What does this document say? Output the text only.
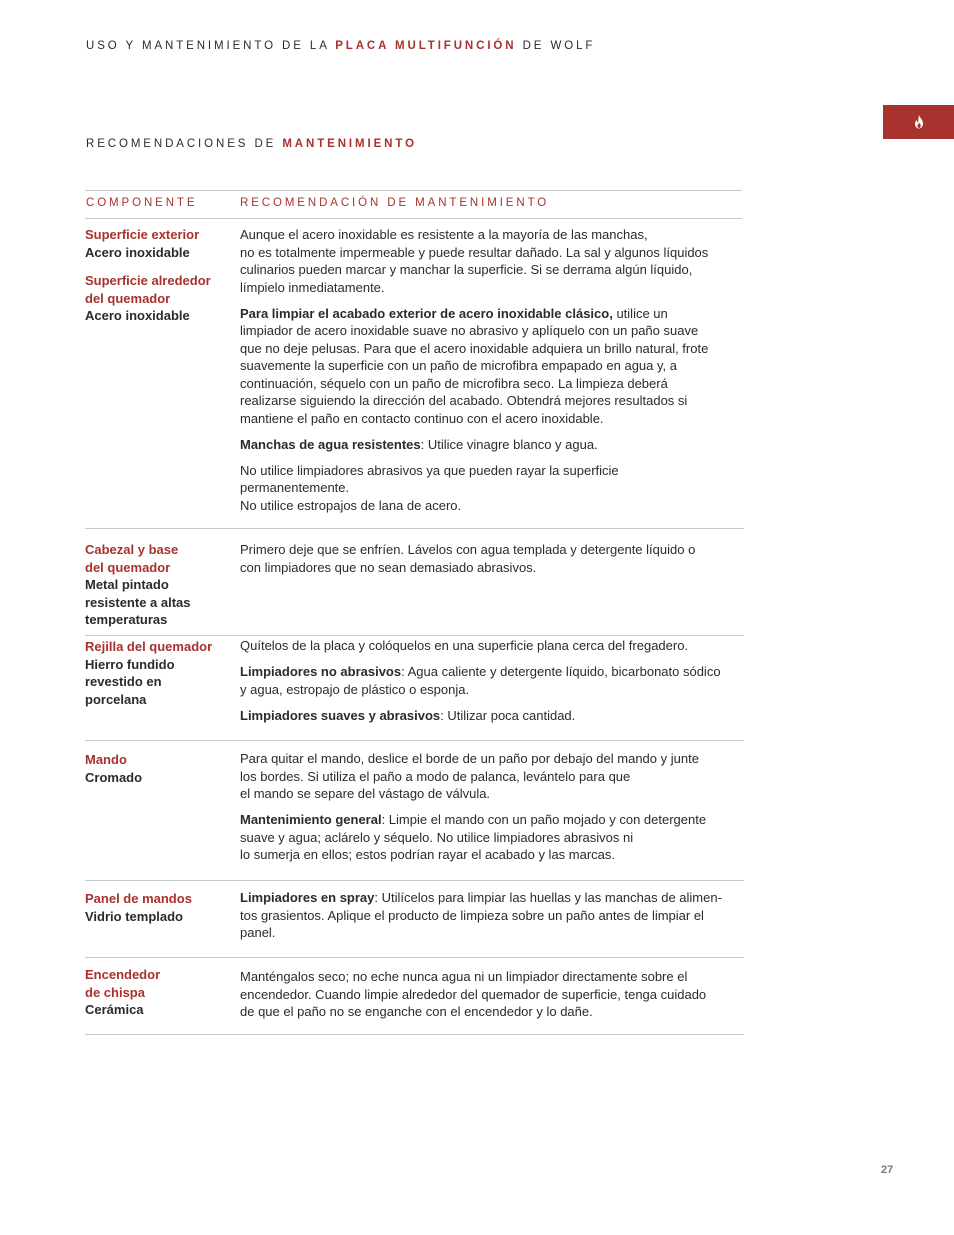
USO Y MANTENIMIENTO DE LA PLACA MULTIFUNCIÓN DE WOLF
RECOMENDACIONES DE MANTENIMIENTO
COMPONENTE	RECOMENDACIÓN DE MANTENIMIENTO
Superficie exterior
Acero inoxidable
Superficie alrededor
del quemador
Acero inoxidable

Aunque el acero inoxidable es resistente a la mayoría de las manchas,
no es totalmente impermeable y puede resultar dañado. La sal y algunos líquidos
culinarios pueden marcar y manchar la superficie. Si se derrama algún líquido,
límpielo inmediatamente.

Para limpiar el acabado exterior de acero inoxidable clásico, utilice un
limpiador de acero inoxidable suave no abrasivo y aplíquelo con un paño suave
que no deje pelusas. Para que el acero inoxidable adquiera un brillo natural, frote
suavemente la superficie con un paño de microfibra empapado en agua y, a
continuación, séquelo con un paño de microfibra seco. La limpieza deberá
realizarse siguiendo la dirección del acabado. Obtendrá mejores resultados si
mantiene el paño en contacto continuo con el acero inoxidable.

Manchas de agua resistentes: Utilice vinagre blanco y agua.

No utilice limpiadores abrasivos ya que pueden rayar la superficie
permanentemente.
No utilice estropajos de lana de acero.

Cabezal y base
del quemador
Metal pintado
resistente a altas
temperaturas

Primero deje que se enfríen. Lávelos con agua templada y detergente líquido o
con limpiadores que no sean demasiado abrasivos.

Rejilla del quemador
Hierro fundido
revestido en
porcelana

Quítelos de la placa y colóquelos en una superficie plana cerca del fregadero.

Limpiadores no abrasivos: Agua caliente y detergente líquido, bicarbonato sódico
y agua, estropajo de plástico o esponja.

Limpiadores suaves y abrasivos: Utilizar poca cantidad.

Mando
Cromado

Para quitar el mando, deslice el borde de un paño por debajo del mando y junte
los bordes. Si utiliza el paño a modo de palanca, levántelo para que
el mando se separe del vástago de válvula.

Mantenimiento general: Limpie el mando con un paño mojado y con detergente
suave y agua; aclárelo y séquelo. No utilice limpiadores abrasivos ni
lo sumerja en ellos; estos podrían rayar el acabado y las marcas.

Panel de mandos
Vidrio templado

Limpiadores en spray: Utilícelos para limpiar las huellas y las manchas de alimen-
tos grasientos. Aplique el producto de limpieza sobre un paño antes de limpiar el
panel.

Encendedor
de chispa
Cerámica

Manténgalos seco; no eche nunca agua ni un limpiador directamente sobre el
encendedor. Cuando limpie alrededor del quemador de superficie, tenga cuidado
de que el paño no se enganche con el encendedor y lo dañe.

27
